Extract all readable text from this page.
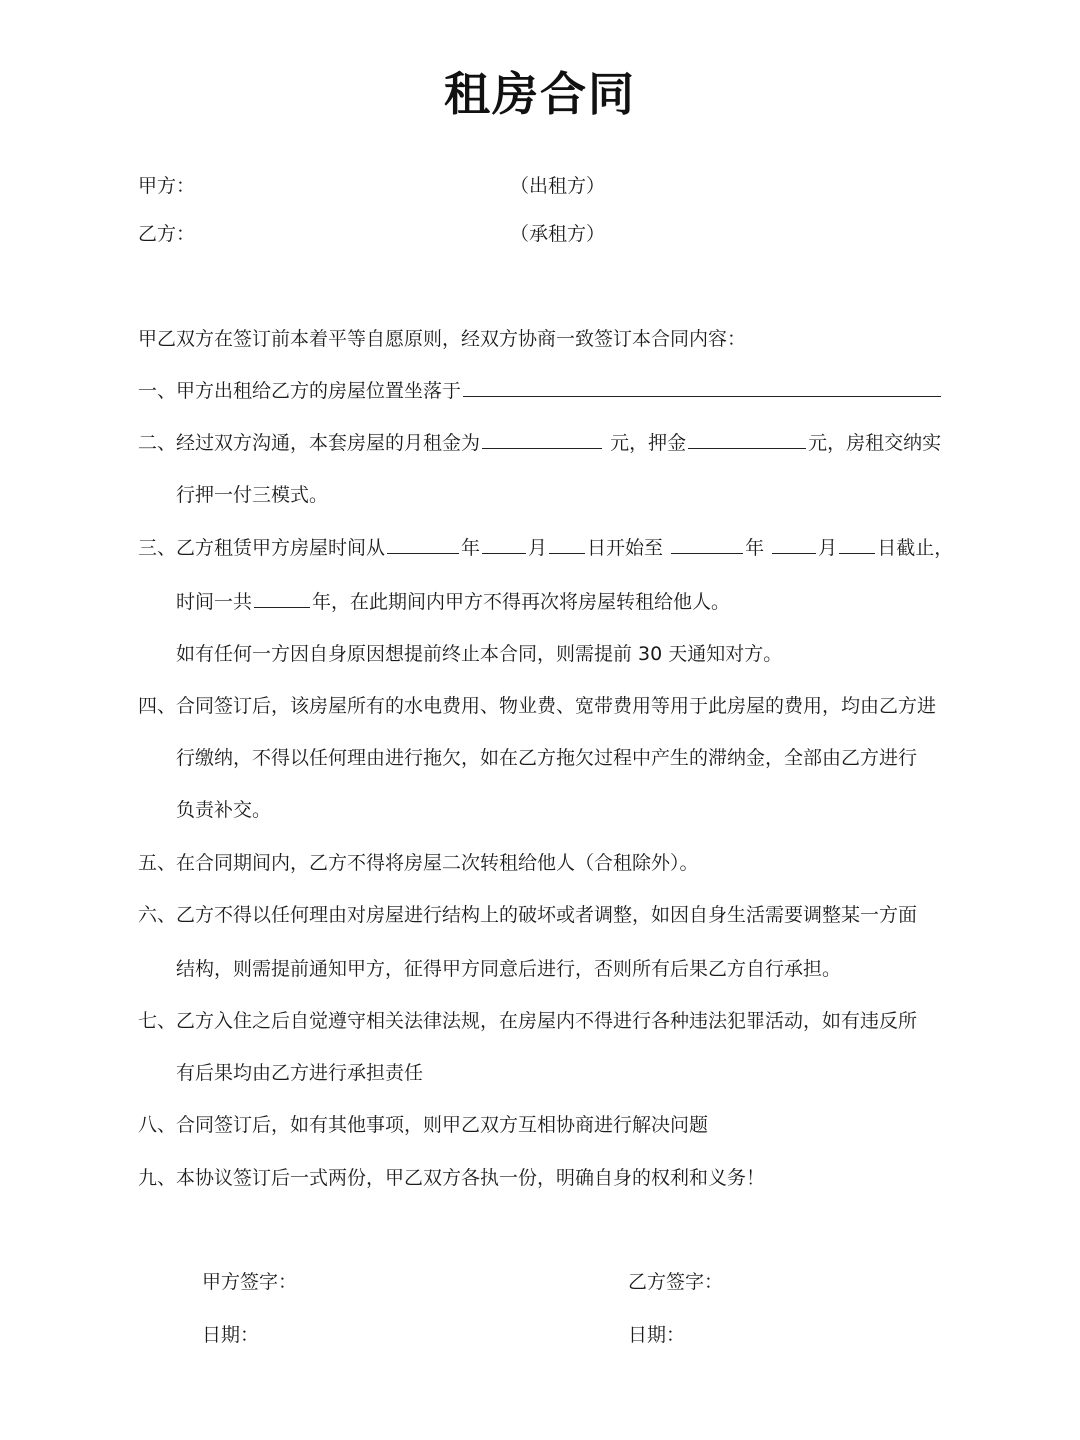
租房合同
甲方：	（出租方）
乙方：	（承租方）
甲乙双方在签订前本着平等自愿原则，经双方协商一致签订本合同内容：
一、甲方出租给乙方的房屋位置坐落于
二、经过双方沟通，本套房屋的月租金为	元，押金	元，房租交纳实
行押一付三模式。
三、乙方租赁甲方房屋时间从	年	月 日开始至	年	月 日截止，
时间一共	年，在此期间内甲方不得再次将房屋转租给他人。
如有任何一方因自身原因想提前终止本合同，则需提前 30 天通知对方。
四、合同签订后，该房屋所有的水电费用、物业费、宽带费用等用于此房屋的费用，均由乙方进
行缴纳，不得以任何理由进行拖欠，如在乙方拖欠过程中产生的滞纳金，全部由乙方进行
负责补交。
五、在合同期间内，乙方不得将房屋二次转租给他人（合租除外）。
六、乙方不得以任何理由对房屋进行结构上的破坏或者调整，如因自身生活需要调整某一方面
结构，则需提前通知甲方，征得甲方同意后进行，否则所有后果乙方自行承担。
七、乙方入住之后自觉遵守相关法律法规，在房屋内不得进行各种违法犯罪活动，如有违反所
有后果均由乙方进行承担责任
八、合同签订后，如有其他事项，则甲乙双方互相协商进行解决问题
九、本协议签订后一式两份，甲乙双方各执一份，明确自身的权利和义务！
甲方签字：	乙方签字：
日期：	日期：
